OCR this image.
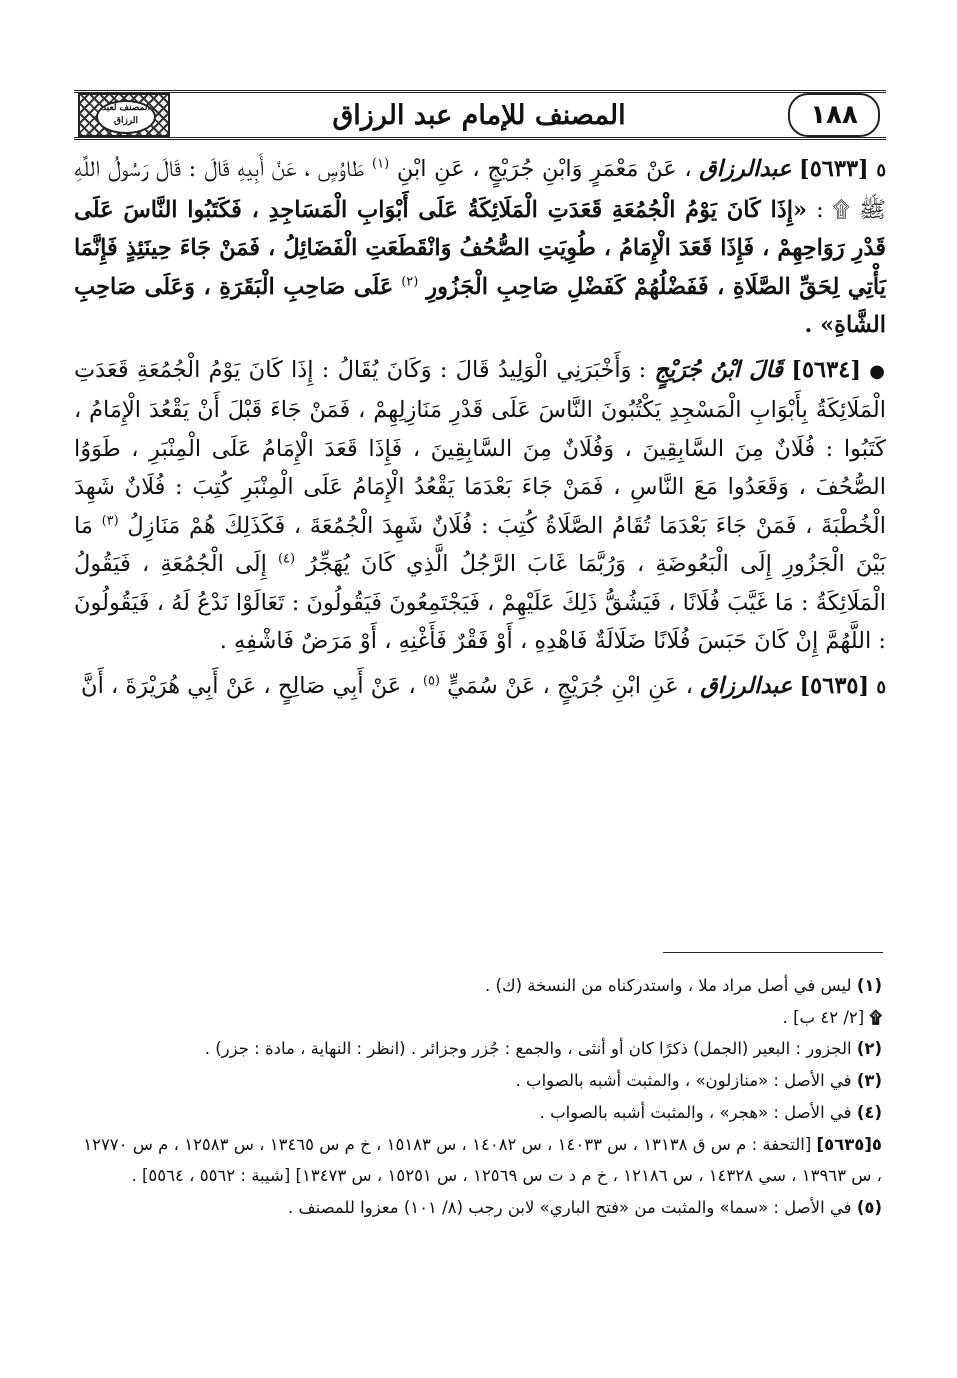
١٨٨
المصنف للإمام عبد الرزاق
المصنف لعبد الرزاق

٥ [٥٦٣٣] عبدالرزاق ، عَنْ مَعْمَرٍ وَابْنِ جُرَيْجٍ ، عَنِ ابْنِ $^{(١)}$ طَاوُسٍ ، عَنْ أَبِيهِ قَالَ : قَالَ رَسُولُ اللَّهِ ﷺ ۩ : «إِذَا كَانَ يَوْمُ الْجُمُعَةِ قَعَدَتِ الْمَلَائِكَةُ عَلَى أَبْوَابِ الْمَسَاجِدِ ، فَكَتَبُوا النَّاسَ عَلَى قَدْرِ رَوَاحِهِمْ ، فَإِذَا قَعَدَ الْإِمَامُ ، طُوِيَتِ الصُّحُفُ وَانْقَطَعَتِ الْفَضَائِلُ ، فَمَنْ جَاءَ حِينَئِذٍ فَإِنَّمَا يَأْتِي لِحَقِّ الصَّلَاةِ ، فَفَضْلُهُمْ كَفَضْلِ صَاحِبِ الْجَزُورِ $^{(٢)}$ عَلَى صَاحِبِ الْبَقَرَةِ ، وَعَلَى صَاحِبِ الشَّاةِ» .

● [٥٦٣٤] قَالَ ابْنُ جُرَيْجٍ : وَأَخْبَرَنِي الْوَلِيدُ قَالَ : وَكَانَ يُقَالُ : إِذَا كَانَ يَوْمُ الْجُمُعَةِ قَعَدَتِ الْمَلَائِكَةُ بِأَبْوَابِ الْمَسْجِدِ يَكْتُبُونَ النَّاسَ عَلَى قَدْرِ مَنَازِلِهِمْ ، فَمَنْ جَاءَ قَبْلَ أَنْ يَقْعُدَ الْإِمَامُ ، كَتَبُوا : فُلَانٌ مِنَ السَّابِقِينَ ، وَفُلَانٌ مِنَ السَّابِقِينَ ، فَإِذَا قَعَدَ الْإِمَامُ عَلَى الْمِنْبَرِ ، طَوَوُا الصُّحُفَ ، وَقَعَدُوا مَعَ النَّاسِ ، فَمَنْ جَاءَ بَعْدَمَا يَقْعُدُ الْإِمَامُ عَلَى الْمِنْبَرِ كُتِبَ : فُلَانٌ شَهِدَ الْخُطْبَةَ ، فَمَنْ جَاءَ بَعْدَمَا تُقَامُ الصَّلَاةُ كُتِبَ : فُلَانٌ شَهِدَ الْجُمُعَةَ ، فَكَذَلِكَ هُمْ مَنَازِلُ $^{(٣)}$ مَا بَيْنَ الْجَزُورِ إِلَى الْبَعُوضَةِ ، وَرُبَّمَا غَابَ الرَّجُلُ الَّذِي كَانَ يُهَجِّرُ $^{(٤)}$ إِلَى الْجُمُعَةِ ، فَيَقُولُ الْمَلَائِكَةُ : مَا غَيَّبَ فُلَانًا ، فَيَشُقُّ ذَلِكَ عَلَيْهِمْ ، فَيَجْتَمِعُونَ فَيَقُولُونَ : تَعَالَوْا نَدْعُ لَهُ ، فَيَقُولُونَ : اللَّهُمَّ إِنْ كَانَ حَبَسَ فُلَانًا ضَلَالَةٌ فَاهْدِهِ ، أَوْ فَقْرٌ فَأَغْنِهِ ، أَوْ مَرَضٌ فَاشْفِهِ .

٥ [٥٦٣٥] عبدالرزاق ، عَنِ ابْنِ جُرَيْجٍ ، عَنْ سُمَيٍّ $^{(٥)}$ ، عَنْ أَبِي صَالِحٍ ، عَنْ أَبِي هُرَيْرَةَ ، أَنَّ

(١) ليس في أصل مراد ملا ، واستدركناه من النسخة (ك) .

۩ [٢/ ٤٢ ب] .

(٢) الجزور : البعير (الجمل) ذكرًا كان أو أنثى ، والجمع : جُزر وجزائر . (انظر : النهاية ، مادة : جزر) .

(٣) في الأصل : «منازلون» ، والمثبت أشبه بالصواب .

(٤) في الأصل : «هجر» ، والمثبت أشبه بالصواب .

٥[٥٦٣٥] [التحفة : م س ق ١٣١٣٨ ، س ١٤٠٣٣ ، س ١٤٠٨٢ ، س ١٥١٨٣ ، خ م س ١٣٤٦٥ ، س ١٢٥٨٣ ، م س ١٢٧٧٠ ، س ١٣٩٦٣ ، سي ١٤٣٢٨ ، س ١٢١٨٦ ، خ م د ت س ١٢٥٦٩ ، س ١٥٢٥١ ، س ١٣٤٧٣] [شيبة : ٥٥٦٢ ، ٥٥٦٤] .

(٥) في الأصل : «سما» والمثبت من «فتح الباري» لابن رجب (٨/ ١٠١) معزوا للمصنف .
